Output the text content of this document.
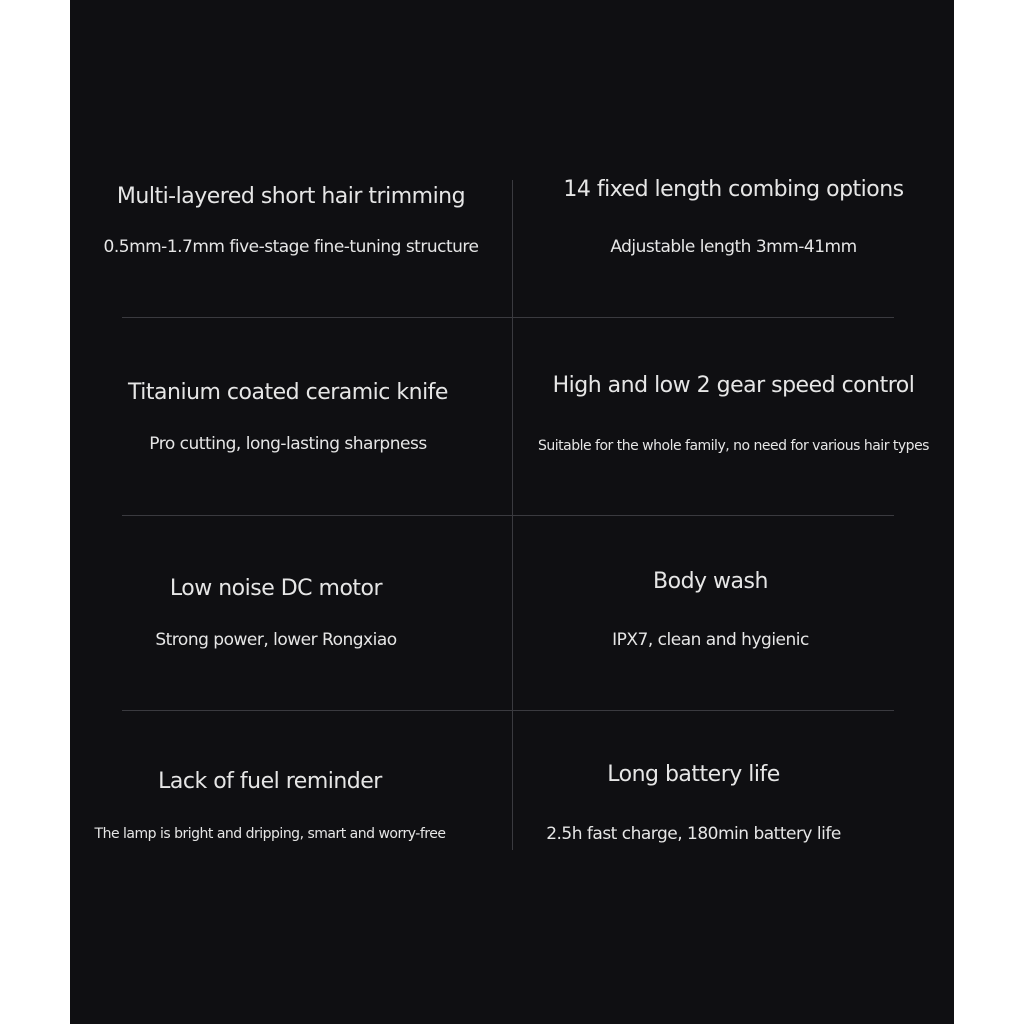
Multi-layered short hair trimming
0.5mm-1.7mm five-stage fine-tuning structure
14 fixed length combing options
Adjustable length 3mm-41mm
Titanium coated ceramic knife
Pro cutting, long-lasting sharpness
High and low 2 gear speed control
Suitable for the whole family, no need for various hair types
Low noise DC motor
Strong power, lower Rongxiao
Body wash
IPX7, clean and hygienic
Lack of fuel reminder
The lamp is bright and dripping, smart and worry-free
Long battery life
2.5h fast charge, 180min battery life
